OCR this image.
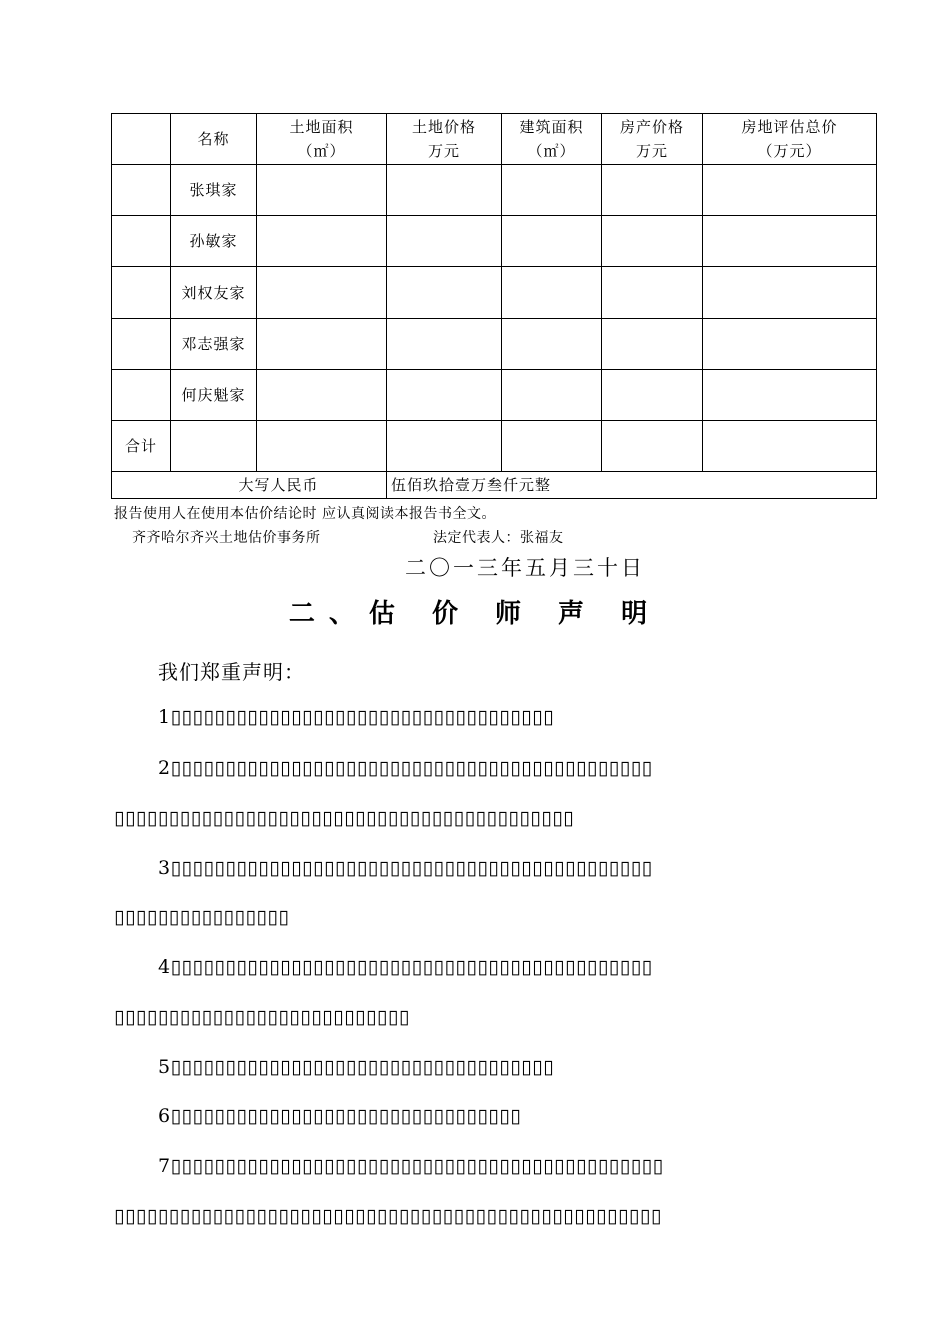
名称
土地面积
（㎡）
土地价格
万元
建筑面积
（㎡）
房产价格
万元
房地评估总价
（万元）
张琪家
孙敏家
刘权友家
邓志强家
何庆魁家
合计
大写人民币	伍佰玖拾壹万叁仟元整
报告使用人在使用本估价结论时 应认真阅读本报告书全文。
齐齐哈尔齐兴土地估价事务所	法定代表人：张福友
二〇一三年五月三十日
二、估 价 师 声 明
我们郑重声明：
1▯▯▯▯▯▯▯▯▯▯▯▯▯▯▯▯▯▯▯▯▯▯▯▯▯▯▯▯▯▯▯▯▯▯▯
2▯▯▯▯▯▯▯▯▯▯▯▯▯▯▯▯▯▯▯▯▯▯▯▯▯▯▯▯▯▯▯▯▯▯▯▯▯▯▯▯▯▯▯▯
▯▯▯▯▯▯▯▯▯▯▯▯▯▯▯▯▯▯▯▯▯▯▯▯▯▯▯▯▯▯▯▯▯▯▯▯▯▯▯▯▯▯
3▯▯▯▯▯▯▯▯▯▯▯▯▯▯▯▯▯▯▯▯▯▯▯▯▯▯▯▯▯▯▯▯▯▯▯▯▯▯▯▯▯▯▯▯
▯▯▯▯▯▯▯▯▯▯▯▯▯▯▯▯
4▯▯▯▯▯▯▯▯▯▯▯▯▯▯▯▯▯▯▯▯▯▯▯▯▯▯▯▯▯▯▯▯▯▯▯▯▯▯▯▯▯▯▯▯
▯▯▯▯▯▯▯▯▯▯▯▯▯▯▯▯▯▯▯▯▯▯▯▯▯▯▯
5▯▯▯▯▯▯▯▯▯▯▯▯▯▯▯▯▯▯▯▯▯▯▯▯▯▯▯▯▯▯▯▯▯▯▯
6▯▯▯▯▯▯▯▯▯▯▯▯▯▯▯▯▯▯▯▯▯▯▯▯▯▯▯▯▯▯▯▯
7▯▯▯▯▯▯▯▯▯▯▯▯▯▯▯▯▯▯▯▯▯▯▯▯▯▯▯▯▯▯▯▯▯▯▯▯▯▯▯▯▯▯▯▯▯
▯▯▯▯▯▯▯▯▯▯▯▯▯▯▯▯▯▯▯▯▯▯▯▯▯▯▯▯▯▯▯▯▯▯▯▯▯▯▯▯▯▯▯▯▯▯▯▯▯▯
